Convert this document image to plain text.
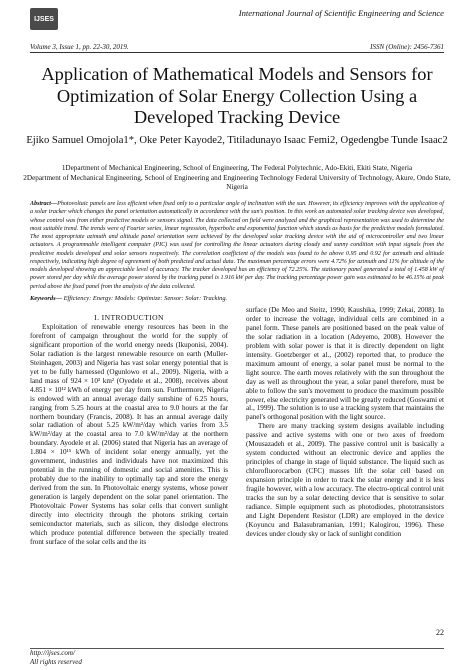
IJSES
International Journal of Scientific Engineering and Science
Volume 3, Issue 1, pp. 22-30, 2019.	ISSN (Online): 2456-7361
Application of Mathematical Models and Sensors for Optimization of Solar Energy Collection Using a Developed Tracking Device
Ejiko Samuel Omojola1*, Oke Peter Kayode2, Titiladunayo Isaac Femi2, Ogedengbe Tunde Isaac2
1Department of Mechanical Engineering, School of Engineering, The Federal Polytechnic, Ado-Ekiti, Ekiti State, Nigeria
2Department of Mechanical Engineering, School of Engineering and Engineering Technology Federal University of Technology, Akure, Ondo State, Nigeria
Abstract—Photovoltaic panels are less efficient when fixed only to a particular angle of inclination with the sun. However, its efficiency improves with the application of a solar tracker which changes the panel orientation automatically in accordance with the sun's position. In this work an automated solar tracking device was developed, whose control was from either predictive models or sensors signal. The data collected on field were analyzed and the graphical representation was used to determine the most suitable trend. The trends were of Fourier series, linear regression, hyperbolic and exponential function which stands as basis for the predictive models formulated. The most appropriate azimuth and altitude panel orientation were achieved by the developed solar tracking device with the aid of microcontroller and two linear actuators. A programmable intelligent computer (PIC) was used for controlling the linear actuators during cloudy and sunny condition with input signals from the predictive models developed and solar sensors respectively. The correlation coefficient of the models was found to be above 0.95 and 0.92 for azimuth and altitude respectively, indicating high degree of agreement of both predicted and actual data. The maximum percentage errors were 4.72% for azimuth and 11% for altitude of the models developed showing an appreciable level of accuracy. The tracker developed has an efficiency of 72.25%. The stationary panel generated a total of 1.458 kW of power stored per day while the average power stored by the tracking panel is 1.916 kW per day. The tracking percentage power gain was estimated to be 46.15% at peak period above the fixed panel from the analysis of the data collected.
Keywords— Efficiency: Energy: Models: Optimize: Sensor: Solar: Tracking.
I. INTRODUCTION

Exploitation of renewable energy resources has been in the forefront of campaign throughout the world for the supply of significant proportion of the world energy needs (Ikuponisi, 2004). Solar radiation is the largest renewable resource on earth (Muller- Steinhagen, 2003) and Nigeria has vast solar energy potential that is yet to be fully harnessed (Ogunlowo et al., 2009). Nigeria, with a land mass of 924 × 10³ km² (Oyedele et al., 2008), receives about 4.851 × 10¹² kWh of energy per day from sun. Furthermore, Nigeria is endowed with an annual average daily sunshine of 6.25 hours, ranging from 5.25 hours at the coastal area to 9.0 hours at the far northern boundary (Francis, 2008). It has an annual average daily solar radiation of about 5.25 kW/m²/day which varies from 3.5 kW/m²/day at the coastal area to 7.0 kW/m²/day at the northern boundary. Ayodele et al. (2006) stated that Nigeria has an average of 1.804 × 10¹⁵ kWh of incident solar energy annually, yet the government, industries and individuals have not maximized this potential in the running of domestic and social amenities. This is probably due to the inability to optimally tap and store the energy derived from the sun. In Photovoltaic energy systems, whose power generation is largely dependent on the solar panel orientation. The Photovoltaic Power Systems has solar cells that convert sunlight directly into electricity through the photons striking certain semiconductor materials, such as silicon, they dislodge electrons which produce potential difference between the specially treated front surface of the solar cells and the its

surface (De Meo and Steitz, 1990; Kaushika, 1999; Zekai, 2008). In order to increase the voltage, individual cells are combined in a panel form. These panels are positioned based on the peak value of the solar radiation in a location (Adeyemo, 2008). However the problem with solar power is that it is directly dependent on light intensity. Goetzberger et al., (2002) reported that, to produce the maximum amount of energy, a solar panel must be normal to the light source. The earth moves relatively with the sun throughout the day as well as throughout the year, a solar panel therefore, must be able to follow the sun's movement to produce the maximum possible power, else electricity generated will be greatly reduced (Goswami et al., 1999). The solution is to use a tracking system that maintains the panel's orthogonal position with the light source.

There are many tracking system designs available including passive and active systems with one or two axes of freedom (Mousazadeh et al., 2009). The passive control unit is basically a system conducted without an electronic device and applies the principles of change in stage of liquid substance. The liquid such as chlorofluorocarbon (CFC) masses lift the solar cell based on expansion principle in order to track the solar energy and it is less fragile however, with a low accuracy. The electro-optical control unit tracks the sun by a solar detecting device that is sensitive to solar radiance. Simple equipment such as photodiodes, phototransistors and Light Dependent Resistor (LDR) are employed in the device (Koyuncu and Balasubramanian, 1991; Kalogirou, 1996). These devices under cloudy sky or lack of sunlight condition

22
http://ijses.com/
All rights reserved
